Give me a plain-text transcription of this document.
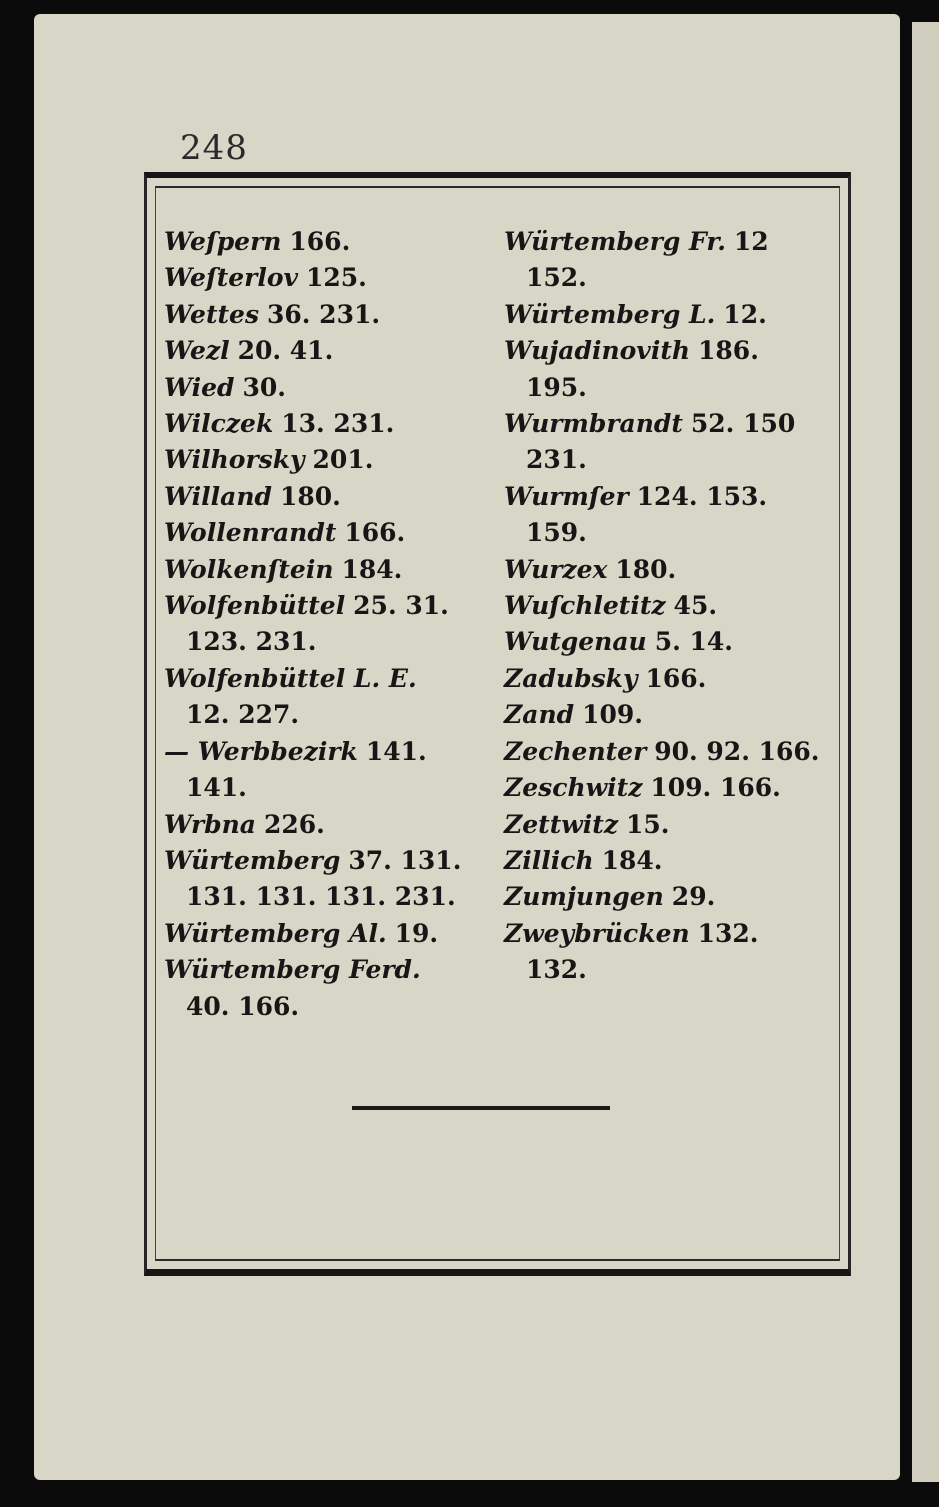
248
Weſpern 166.
Weſterlov 125.
Wettes 36. 231.
Wezl 20. 41.
Wied 30.
Wilczek 13. 231.
Wilhorsky 201.
Willand 180.
Wollenrandt 166.
Wolkenſtein 184.
Wolfenbüttel 25. 31.
123. 231.
Wolfenbüttel L. E.
12. 227.
— Werbbezirk 141.
141.
Wrbna 226.
Würtemberg 37. 131.
131. 131. 131. 231.
Würtemberg Al. 19.
Würtemberg Ferd.
40. 166.
Würtemberg Fr. 12
152.
Würtemberg L. 12.
Wujadinovith 186.
195.
Wurmbrandt 52. 150
231.
Wurmſer 124. 153.
159.
Wurzex 180.
Wuſchletitz 45.
Wutgenau 5. 14.
Zadubsky 166.
Zand 109.
Zechenter 90. 92. 166.
Zeschwitz 109. 166.
Zettwitz 15.
Zillich 184.
Zumjungen 29.
Zweybrücken 132.
132.
